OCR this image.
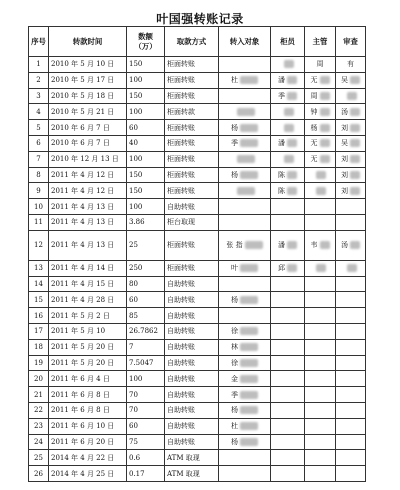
叶国强转账记录
序号	转款时间	数额（万）	取款方式	转入对象	柜员	主管	审查
1	2010 年 5 月 10 日	150	柜面转账			周	有
2	2010 年 5 月 17 日	100	柜面转账	杜	潘	无	吴
3	2010 年 5 月 18 日	150	柜面转账		季	周	
4	2010 年 5 月 21 日	100	柜面转款			钟	汤
5	2010 年 6 月 7 日	60	柜面转账	杨		杨	刘
6	2010 年 6 月 7 日	40	柜面转账	季	潘	无	吴
7	2010 年 12 月 13 日	100	柜面转账			无	刘
8	2011 年 4 月 12 日	150	柜面转账	杨	陈		刘
9	2011 年 4 月 12 日	150	柜面转账		陈		刘
10	2011 年 4 月 13 日	100	自助转账				
11	2011 年 4 月 13 日	3.86	柜台取现				
12	2011 年 4 月 13 日	25	柜面转账	张 指	潘	韦	汤
13	2011 年 4 月 14 日	250	柜面转账	叶	邱		
14	2011 年 4 月 15 日	80	自助转账				
15	2011 年 4 月 28 日	60	自助转账	杨			
16	2011 年 5 月 2 日	85	自助转账				
17	2011 年 5 月 10	26.7862	自助转账	徐			
18	2011 年 5 月 20 日	7	自助转账	林			
19	2011 年 5 月 20 日	7.5047	自助转账	徐			
20	2011 年 6 月 4 日	100	自助转账	金			
21	2011 年 6 月 8 日	70	自助转账	季			
22	2011 年 6 月 8 日	70	自助转账	杨			
23	2011 年 6 月 10 日	60	自助转账	杜			
24	2011 年 6 月 20 日	75	自助转账	杨			
25	2014 年 4 月 22 日	0.6	ATM 取现				
26	2014 年 4 月 25 日	0.17	ATM 取现				
